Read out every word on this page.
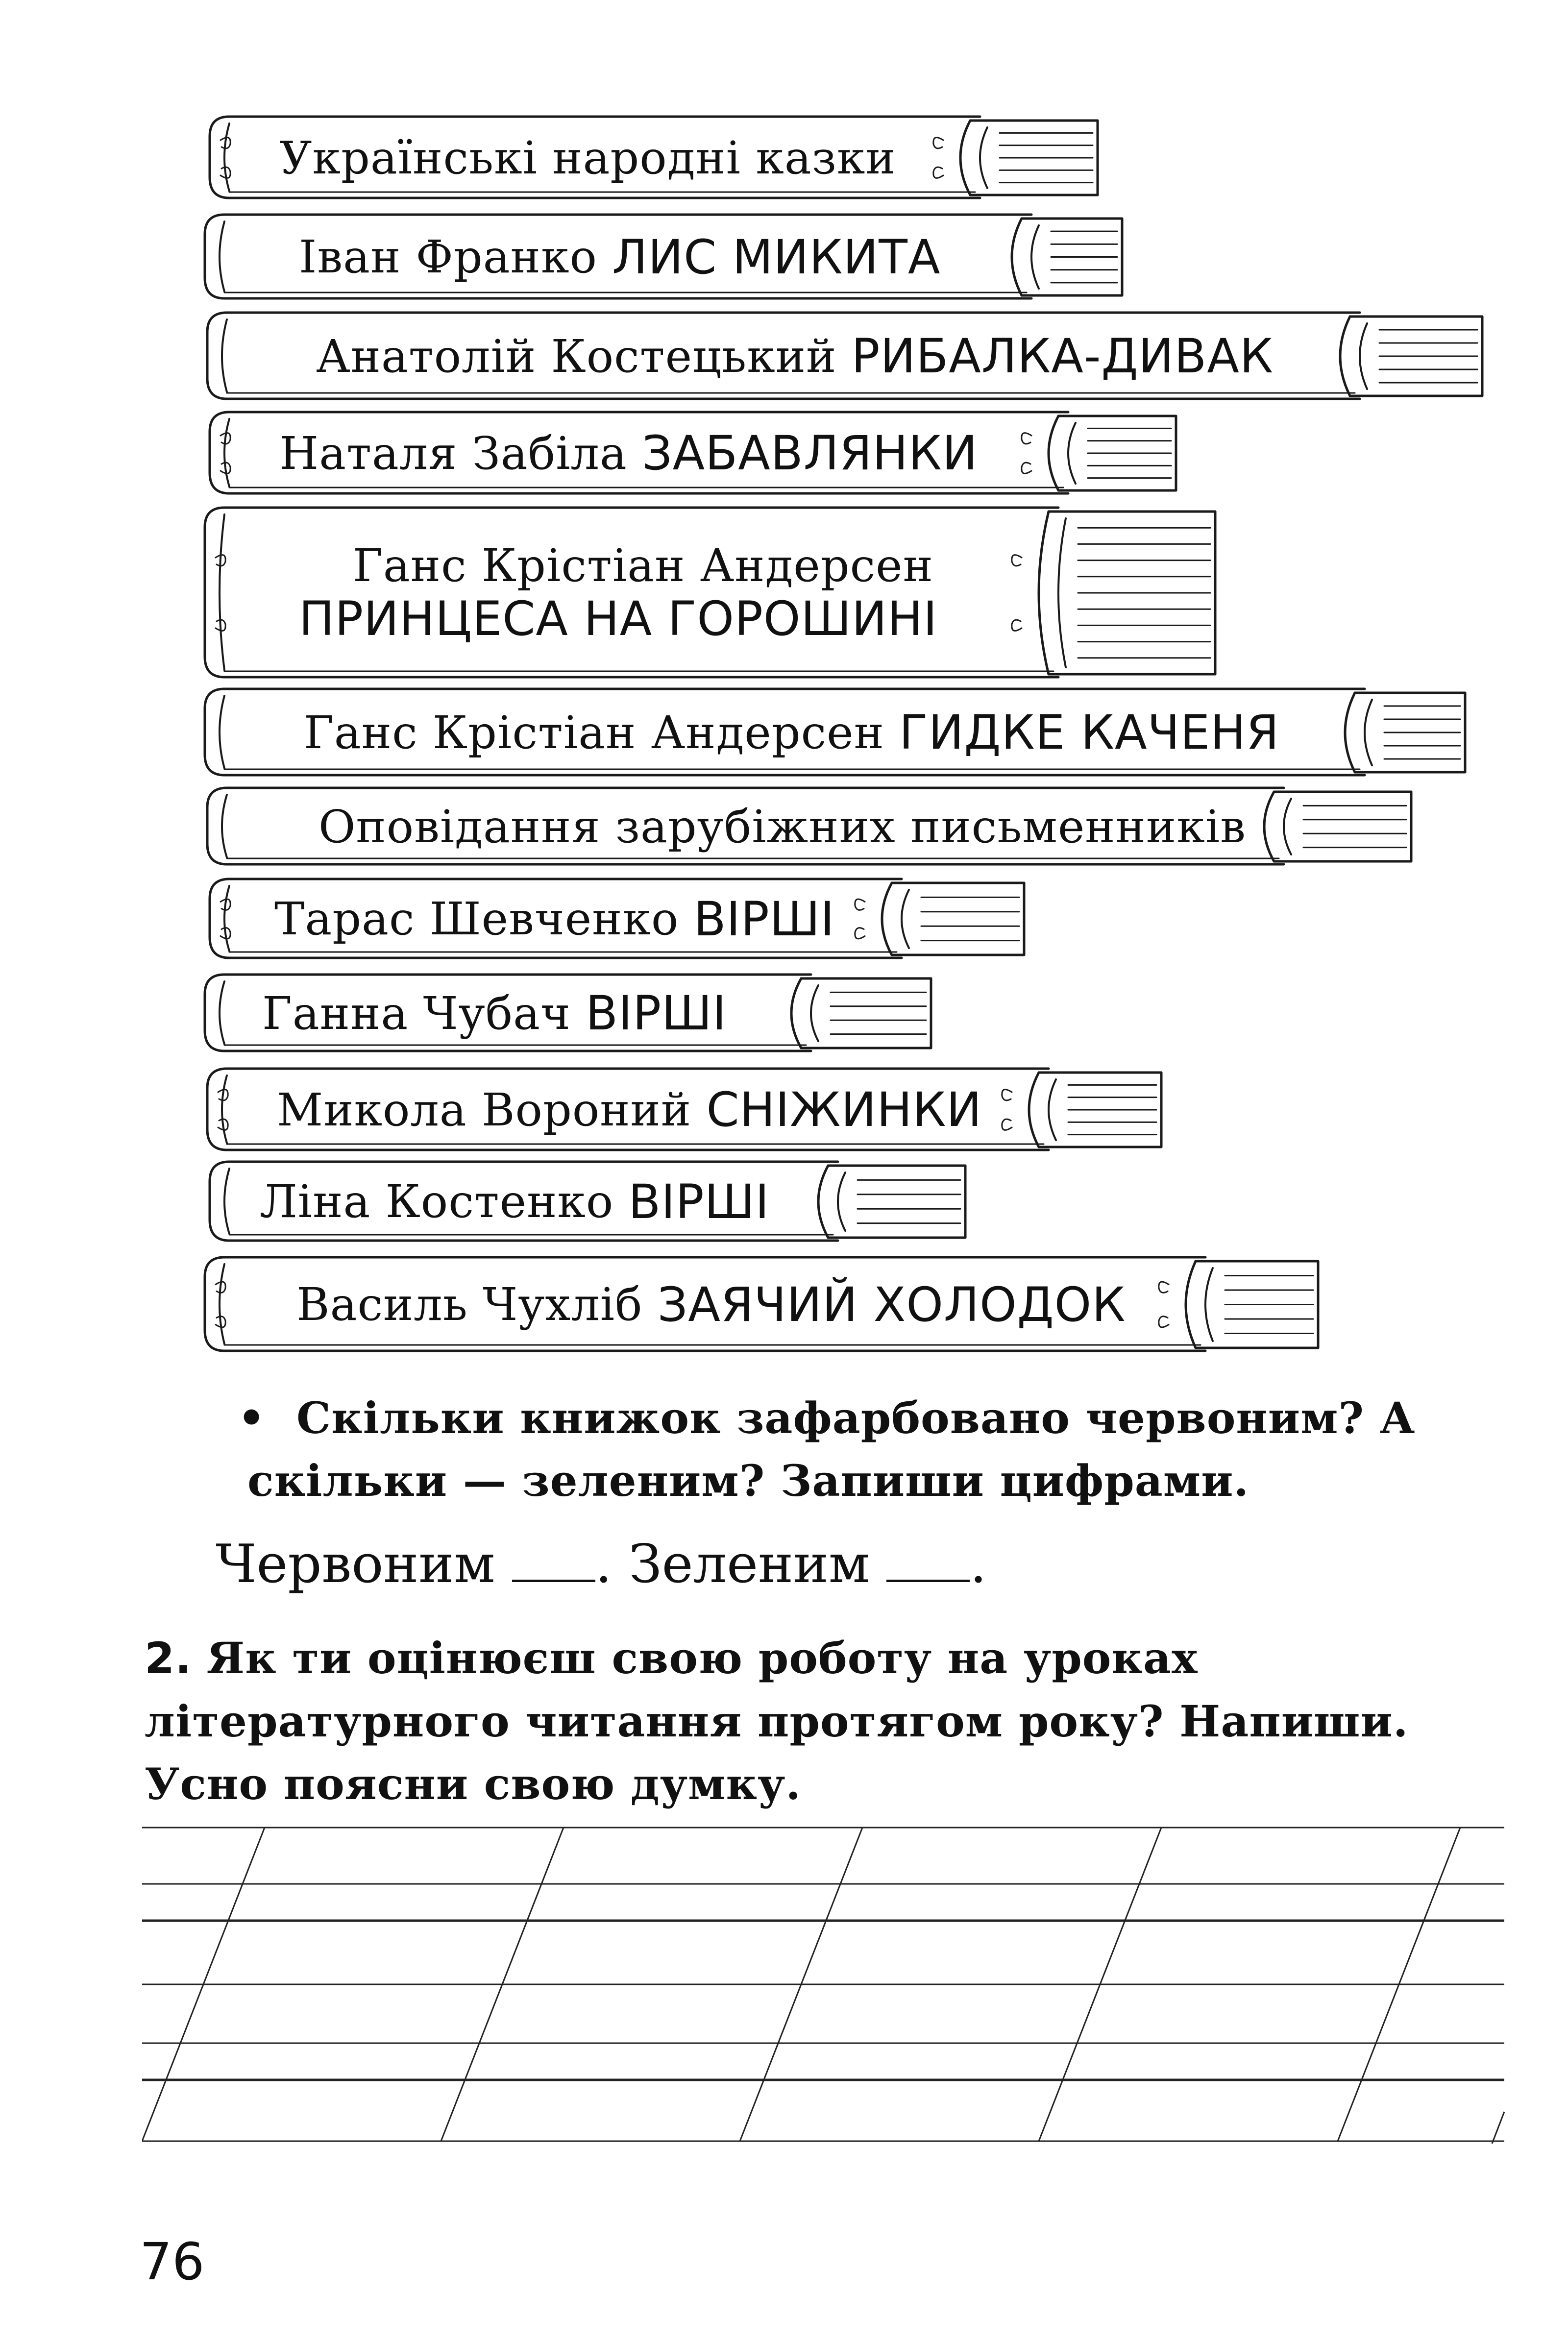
Українські народні казки
Іван Франко
ЛИС МИКИТА
Анатолій Костецький
РИБАЛКА-ДИВАК
Наталя Забіла
ЗАБАВЛЯНКИ
Ганс Крістіан Андерсен
ПРИНЦЕСА НА ГОРОШИНІ
Ганс Крістіан Андерсен
ГИДКЕ КАЧЕНЯ
Оповідання зарубіжних письменників
Тарас Шевченко
ВІРШІ
Ганна Чубач
ВІРШІ
Микола Вороний
СНІЖИНКИ
Ліна Костенко
ВІРШІ
Василь Чухліб
ЗАЯЧИЙ ХОЛОДОК
• Скільки книжок зафарбовано червоним? А скільки — зеленим? Запиши цифрами.
Червоним . Зеленим .
2. Як ти оцінюєш свою роботу на уроках літературного читання протягом року? Напиши. Усно поясни свою думку.
76
